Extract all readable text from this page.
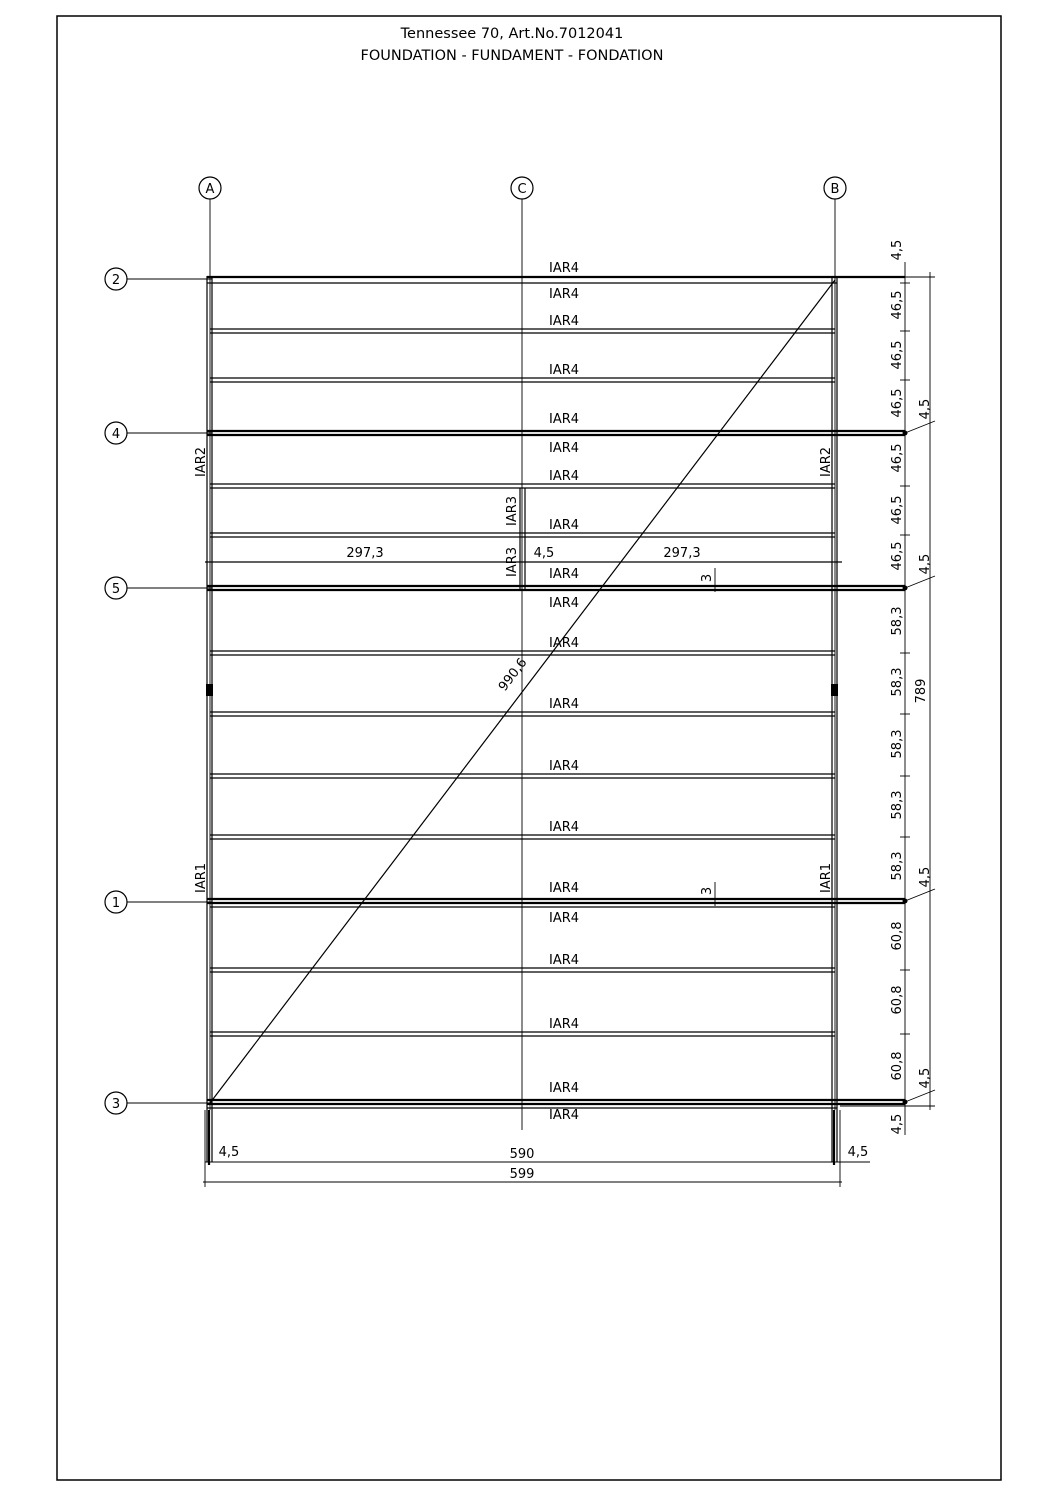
Tennessee 70, Art.No.7012041
FOUNDATION - FUNDAMENT - FONDATION
A	C	B
2
4
5
1
3
990,6
IAR4
IAR4
IAR4
IAR4
IAR4
IAR4
IAR4
IAR4
IAR4
IAR4
IAR4
IAR4
IAR4
IAR4
IAR4
IAR4
IAR4
IAR4
IAR4
IAR4
IAR2	IAR2
IAR1	IAR1
IAR3
IAR3
297,3	4,5	297,3
3
3
4,5
46,5
46,5
46,5
46,5
46,5
46,5
58,3
58,3
58,3
58,3
58,3
60,8
60,8
60,8
4,5
4,5
4,5
4,5
4,5
789
4,5	590	4,5
599
